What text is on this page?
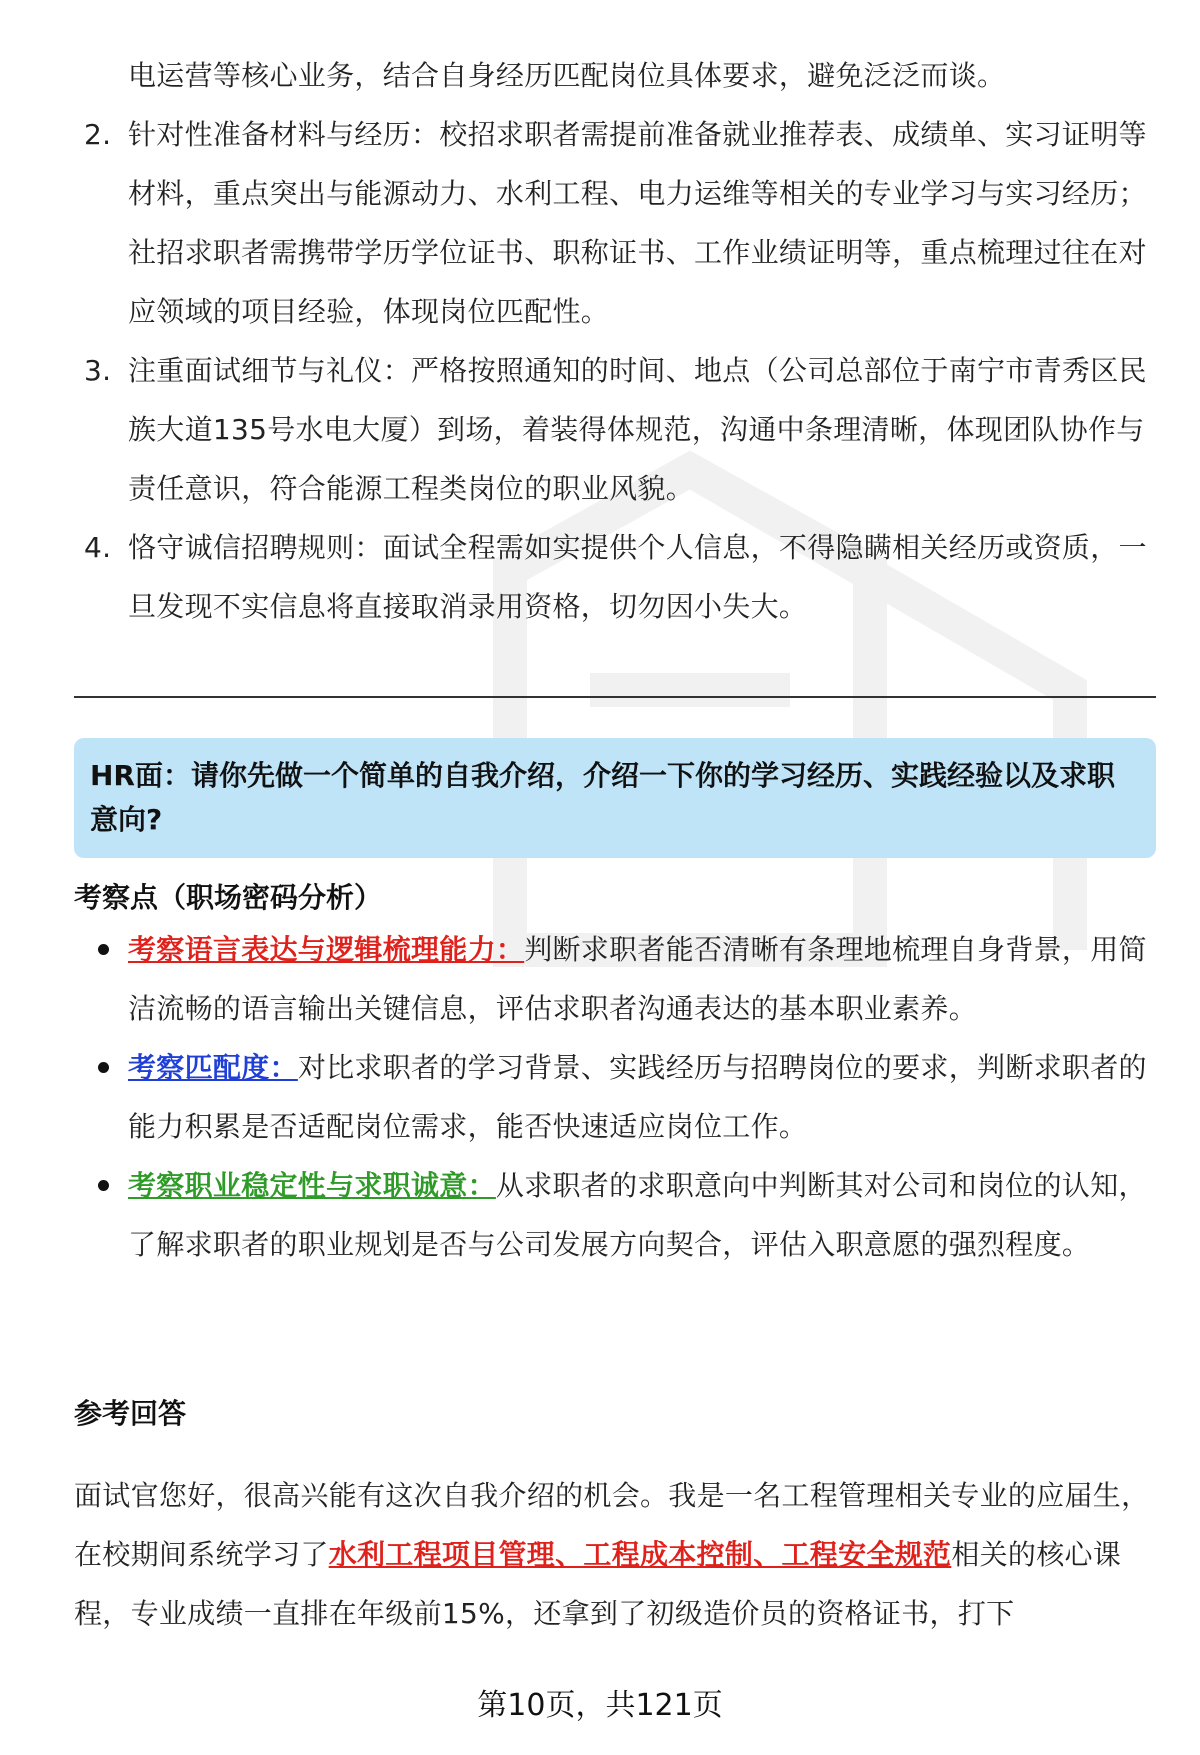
电运营等核心业务，结合自身经历匹配岗位具体要求，避免泛泛而谈。
2. 针对性准备材料与经历：校招求职者需提前准备就业推荐表、成绩单、实习证明等材料，重点突出与能源动力、水利工程、电力运维等相关的专业学习与实习经历；社招求职者需携带学历学位证书、职称证书、工作业绩证明等，重点梳理过往在对应领域的项目经验，体现岗位匹配性。
3. 注重面试细节与礼仪：严格按照通知的时间、地点（公司总部位于南宁市青秀区民族大道135号水电大厦）到场，着装得体规范，沟通中条理清晰，体现团队协作与责任意识，符合能源工程类岗位的职业风貌。
4. 恪守诚信招聘规则：面试全程需如实提供个人信息，不得隐瞒相关经历或资质，一旦发现不实信息将直接取消录用资格，切勿因小失大。
HR面：请你先做一个简单的自我介绍，介绍一下你的学习经历、实践经验以及求职意向?
考察点（职场密码分析）
考察语言表达与逻辑梳理能力：判断求职者能否清晰有条理地梳理自身背景，用简洁流畅的语言输出关键信息，评估求职者沟通表达的基本职业素养。
考察匹配度：对比求职者的学习背景、实践经历与招聘岗位的要求，判断求职者的能力积累是否适配岗位需求，能否快速适应岗位工作。
考察职业稳定性与求职诚意：从求职者的求职意向中判断其对公司和岗位的认知，了解求职者的职业规划是否与公司发展方向契合，评估入职意愿的强烈程度。
参考回答
面试官您好，很高兴能有这次自我介绍的机会。我是一名工程管理相关专业的应届生，在校期间系统学习了水利工程项目管理、工程成本控制、工程安全规范相关的核心课程，专业成绩一直排在年级前15%，还拿到了初级造价员的资格证书，打下
第10页，共121页
